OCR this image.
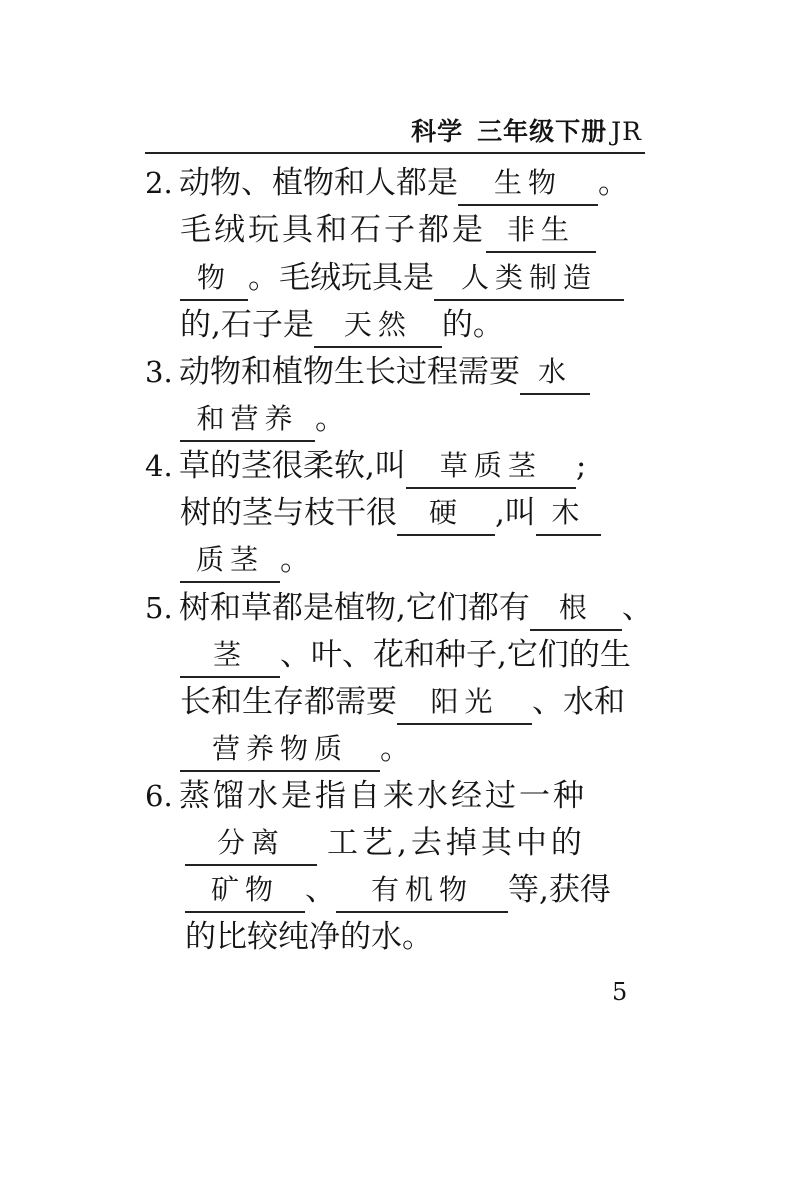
科学 三年级下册 JR
2. 动物、植物和人都是 生物 。
毛绒玩具和石子都是 非生
物 。毛绒玩具是 人类制造
的,石子是 天然 的。
3. 动物和植物生长过程需要 水
和营养 。
4. 草的茎很柔软,叫 草质茎 ;
树的茎与枝干很 硬 ,叫 木
质茎 。
5. 树和草都是植物,它们都有 根 、
茎 、叶、花和种子,它们的生
长和生存都需要 阳光 、水和
营养物质 。
6. 蒸馏水是指自来水经过一种
分离 工艺,去掉其中的
矿物 、 有机物 等,获得
的比较纯净的水。
5
